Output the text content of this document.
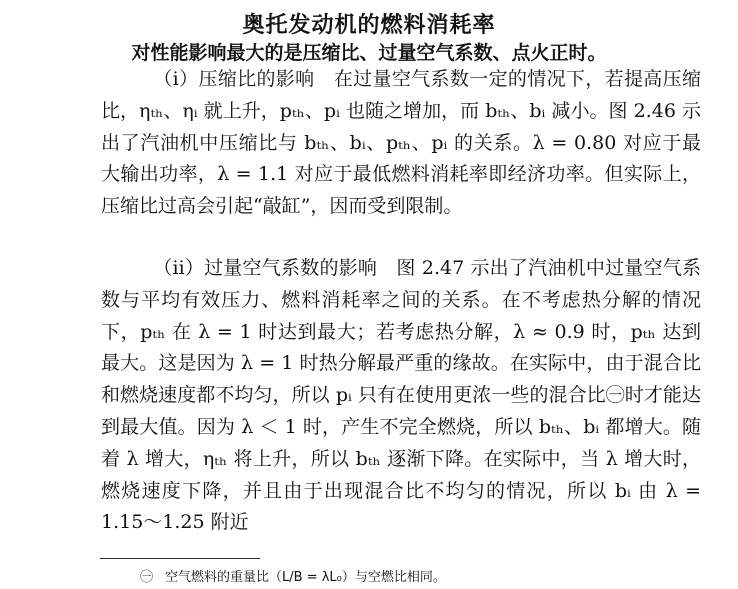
奥托发动机的燃料消耗率
对性能影响最大的是压缩比、过量空气系数、点火正时。
（ⅰ）压缩比的影响　在过量空气系数一定的情况下，若提高压缩比，ηₜₕ、ηᵢ 就上升，pₜₕ、pᵢ 也随之增加，而 bₜₕ、bᵢ 减小。图 2.46 示出了汽油机中压缩比与 bₜₕ、bᵢ、pₜₕ、pᵢ 的关系。λ = 0.80 对应于最大输出功率，λ = 1.1 对应于最低燃料消耗率即经济功率。但实际上，压缩比过高会引起“敲缸”，因而受到限制。
（ⅱ）过量空气系数的影响　图 2.47 示出了汽油机中过量空气系数与平均有效压力、燃料消耗率之间的关系。在不考虑热分解的情况下，pₜₕ 在 λ = 1 时达到最大；若考虑热分解，λ ≈ 0.9 时，pₜₕ 达到最大。这是因为 λ = 1 时热分解最严重的缘故。在实际中，由于混合比和燃烧速度都不均匀，所以 pᵢ 只有在使用更浓一些的混合比㊀时才能达到最大值。因为 λ ＜ 1 时，产生不完全燃烧，所以 bₜₕ、bᵢ 都增大。随着 λ 增大，ηₜₕ 将上升，所以 bₜₕ 逐渐下降。在实际中，当 λ 增大时，燃烧速度下降，并且由于出现混合比不均匀的情况，所以 bᵢ 由 λ = 1.15～1.25 附近
㊀ 空气燃料的重量比（L/B = λL₀）与空燃比相同。
